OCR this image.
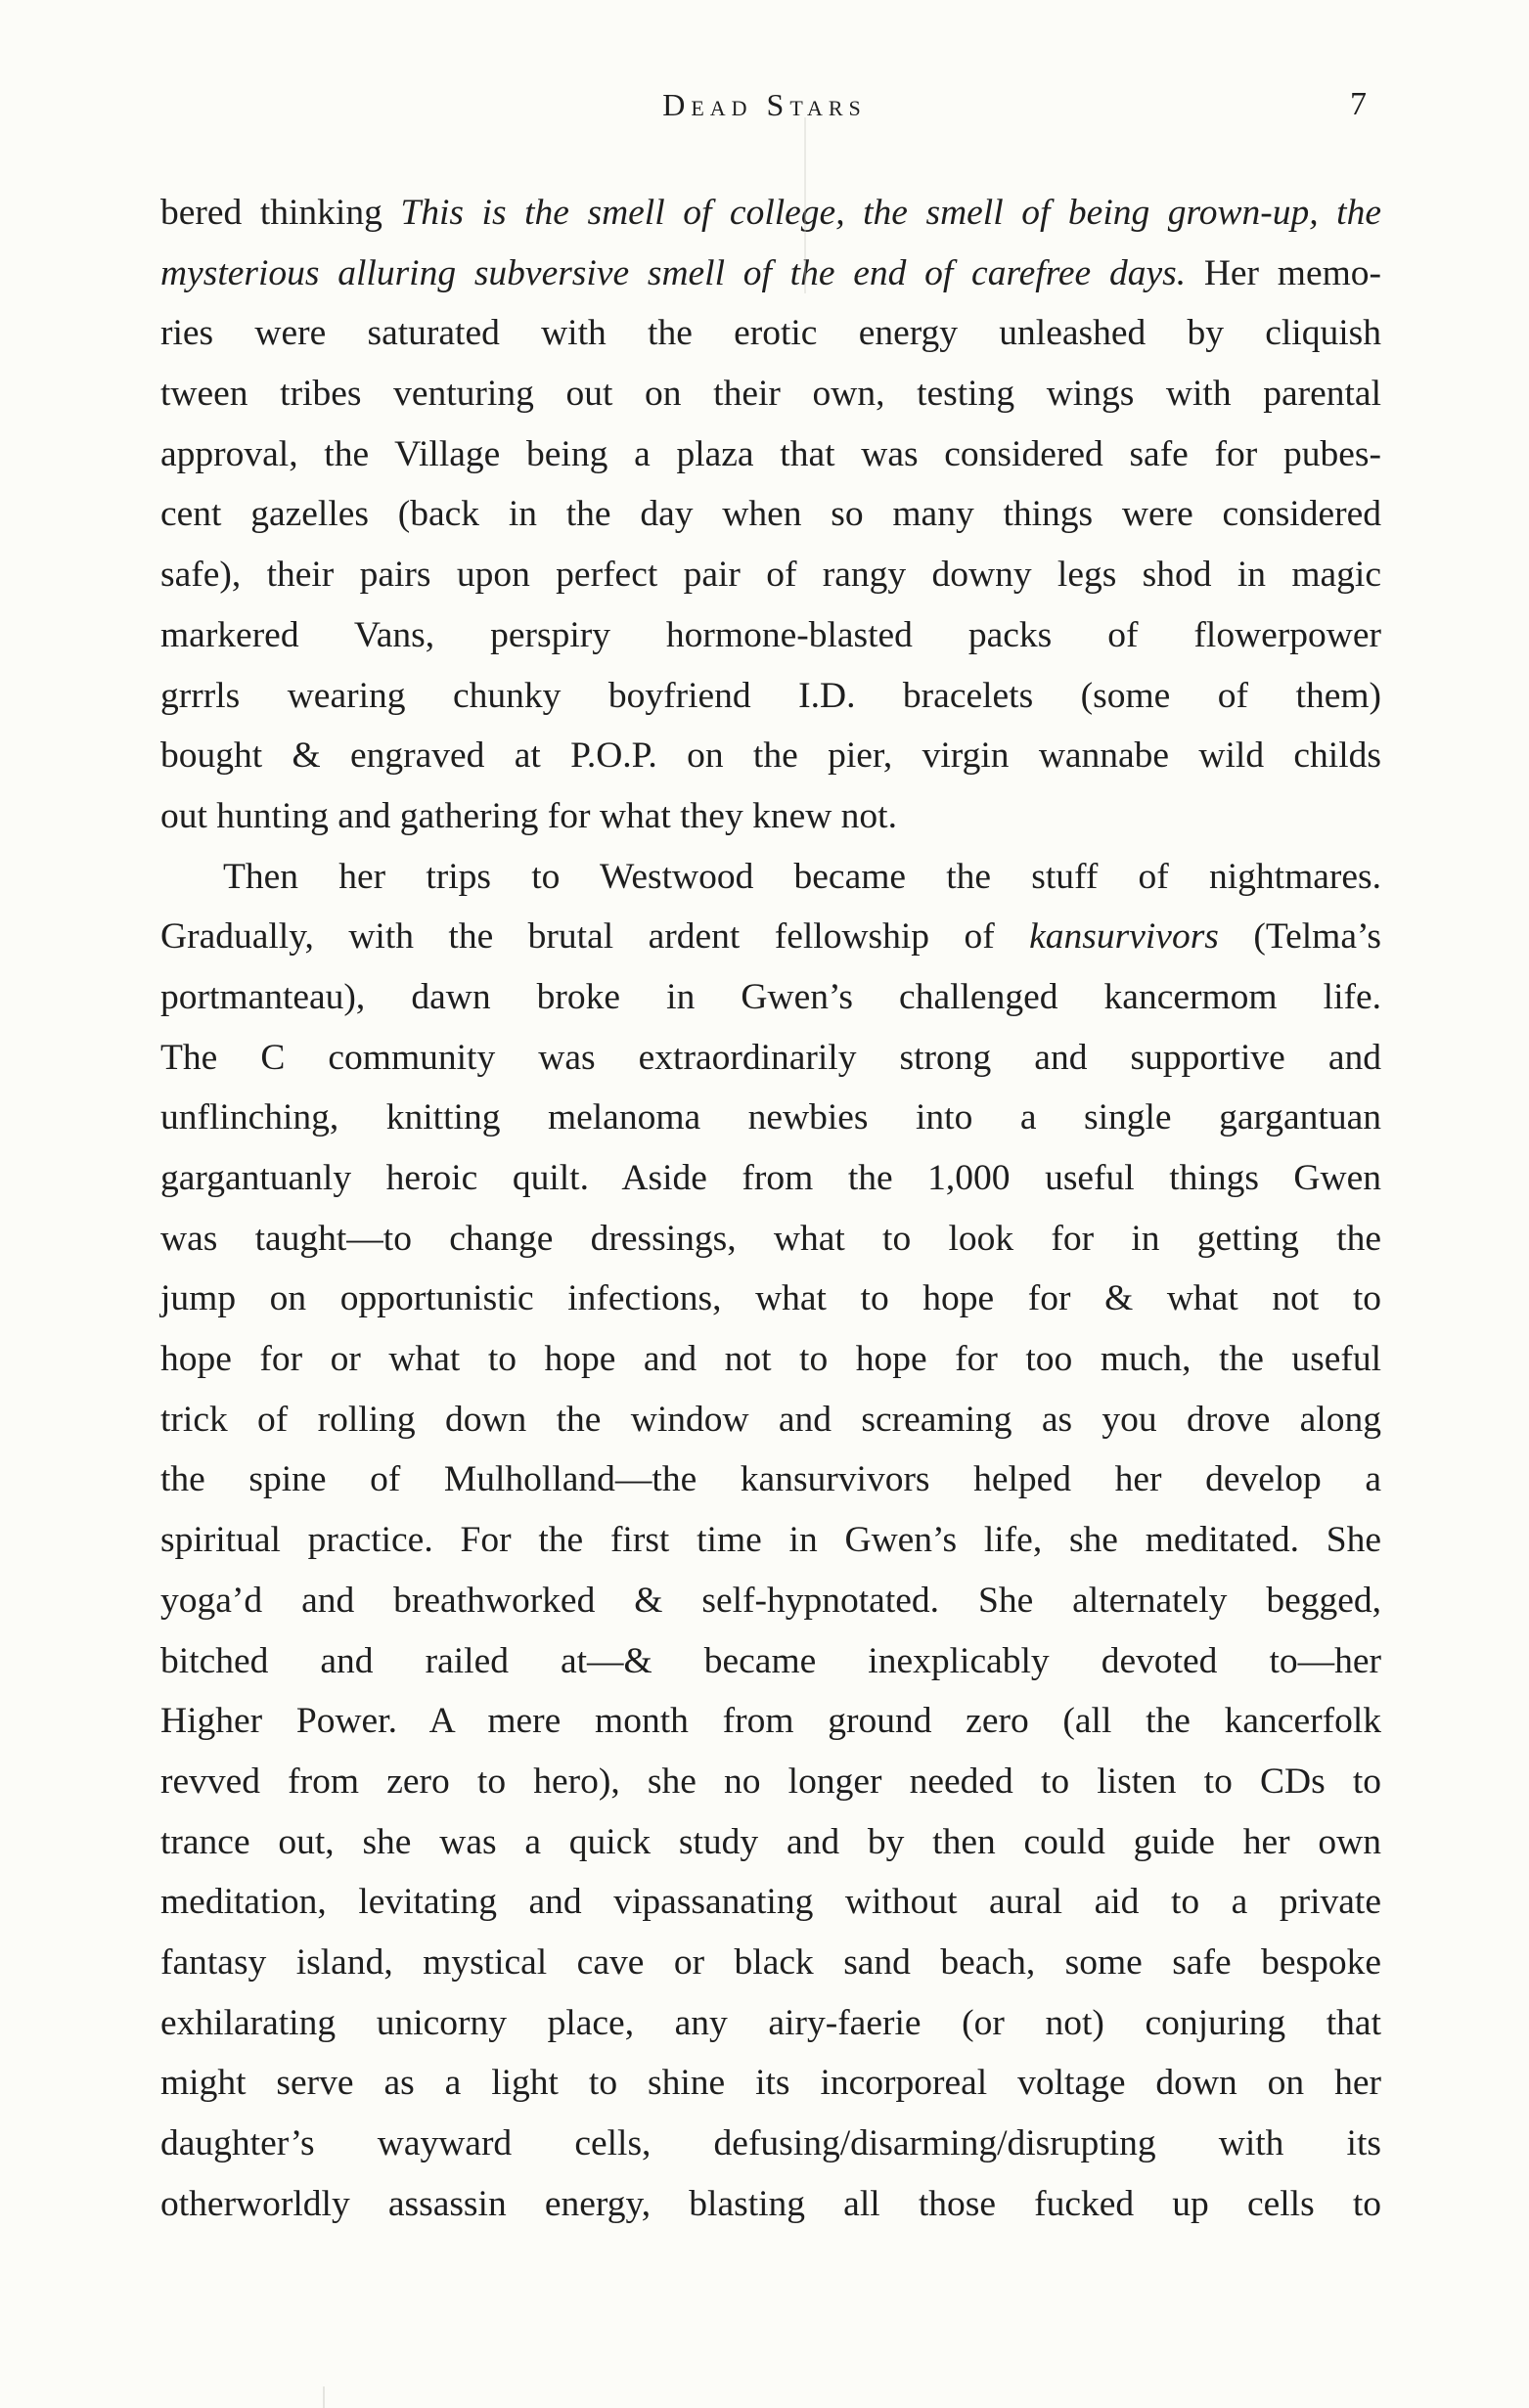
Dead Stars	7
bered thinking This is the smell of college, the smell of being grown-up, the
mysterious alluring subversive smell of the end of carefree days. Her memo-
ries were saturated with the erotic energy unleashed by cliquish
tween tribes venturing out on their own, testing wings with parental
approval, the Village being a plaza that was considered safe for pubes-
cent gazelles (back in the day when so many things were considered
safe), their pairs upon perfect pair of rangy downy legs shod in magic
markered Vans, perspiry hormone-blasted packs of flowerpower
grrrls wearing chunky boyfriend I.D. bracelets (some of them)
bought & engraved at P.O.P. on the pier, virgin wannabe wild childs
out hunting and gathering for what they knew not.
Then her trips to Westwood became the stuff of nightmares.
Gradually, with the brutal ardent fellowship of kansurvivors (Telma’s
portmanteau), dawn broke in Gwen’s challenged kancermom life.
The C community was extraordinarily strong and supportive and
unflinching, knitting melanoma newbies into a single gargantuan
gargantuanly heroic quilt. Aside from the 1,000 useful things Gwen
was taught—to change dressings, what to look for in getting the
jump on opportunistic infections, what to hope for & what not to
hope for or what to hope and not to hope for too much, the useful
trick of rolling down the window and screaming as you drove along
the spine of Mulholland—the kansurvivors helped her develop a
spiritual practice. For the first time in Gwen’s life, she meditated. She
yoga’d and breathworked & self-hypnotated. She alternately begged,
bitched and railed at—& became inexplicably devoted to—her
Higher Power. A mere month from ground zero (all the kancerfolk
revved from zero to hero), she no longer needed to listen to CDs to
trance out, she was a quick study and by then could guide her own
meditation, levitating and vipassanating without aural aid to a private
fantasy island, mystical cave or black sand beach, some safe bespoke
exhilarating unicorny place, any airy-faerie (or not) conjuring that
might serve as a light to shine its incorporeal voltage down on her
daughter’s wayward cells, defusing/disarming/disrupting with its
otherworldly assassin energy, blasting all those fucked up cells to
